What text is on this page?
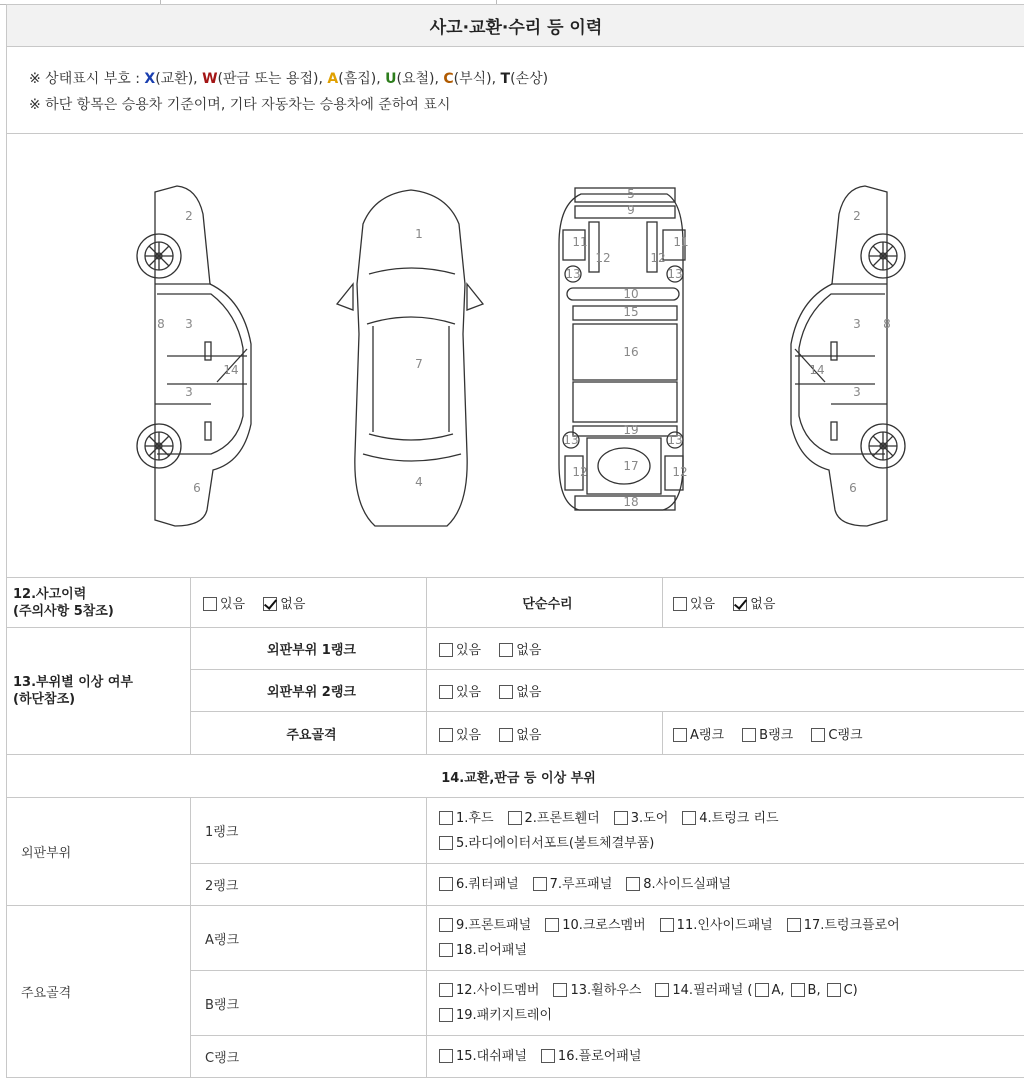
사고·교환·수리 등 이력
※ 상태표시 부호 : X(교환), W(판금 또는 용접), A(흠집), U(요철), C(부식), T(손상)
※ 하단 항목은 승용차 기준이며, 기타 자동차는 승용차에 준하여 표시
1
2	2
3
3
3
3
4
5
6	6
7
8	8
9
10
11	11
12	12
12	12
13	13
13	13
14	14
15
16
17
18
19
12.사고이력
(주의사항 5참조)	있음 없음	단순수리	있음 없음
13.부위별 이상 여부
(하단참조)	외판부위 1랭크	있음 없음	
	외판부위 2랭크	있음 없음	
	주요골격	있음 없음	A랭크 B랭크 C랭크
14.교환,판금 등 이상 부위			
외판부위	1랭크	1.후드 2.프론트휀더 3.도어 4.트렁크 리드
5.라디에이터서포트(볼트체결부품)	

	2랭크	6.쿼터패널 7.루프패널 8.사이드실패널	

주요골격	A랭크	9.프론트패널 10.크로스멤버 11.인사이드패널 17.트렁크플로어
18.리어패널	

	B랭크	12.사이드멤버 13.휠하우스 14.필러패널 ( A, B, C)
19.패키지트레이	

	C랭크	15.대쉬패널 16.플로어패널	
